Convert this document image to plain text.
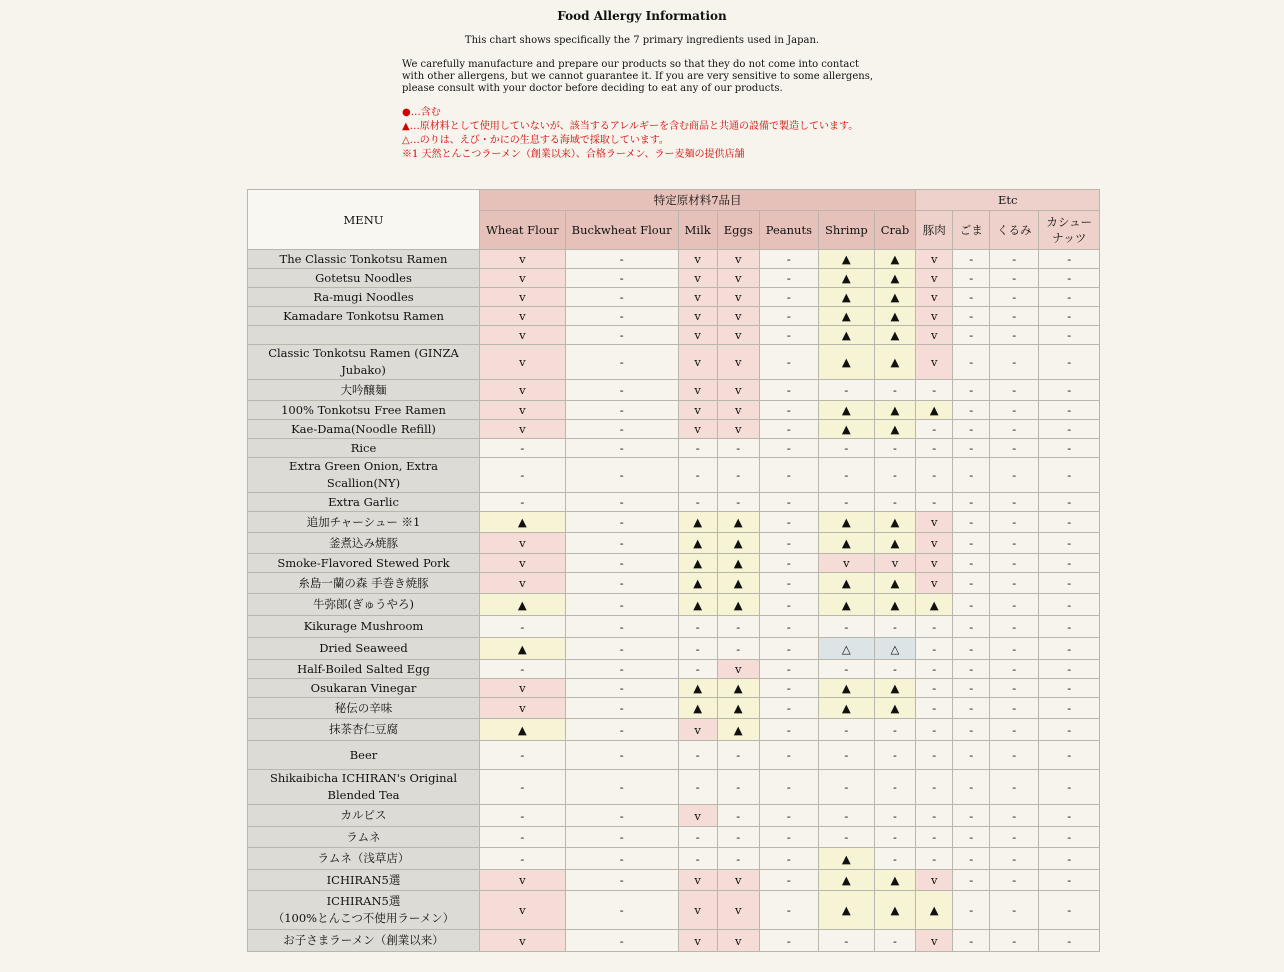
Food Allergy Information
This chart shows specifically the 7 primary ingredients used in Japan.
We carefully manufacture and prepare our products so that they do not come into contact with other allergens, but we cannot guarantee it. If you are very sensitive to some allergens, please consult with your doctor before deciding to eat any of our products.
●…含む
▲…原材料として使用していないが、該当するアレルギーを含む商品と共通の設備で製造しています。
△…のりは、えび・かにの生息する海域で採取しています。
※1 天然とんこつラーメン（創業以来）、合格ラーメン、ラー麦麺の提供店舗
MENU	特定原材料7品目							Etc			
	Wheat Flour	Buckwheat Flour	Milk	Eggs	Peanuts	Shrimp	Crab	豚肉	ごま	くるみ	カシュー
ナッツ
The Classic Tonkotsu Ramen	v	-	v	v	-	▲	▲	v	-	-	-
Gotetsu Noodles	v	-	v	v	-	▲	▲	v	-	-	-
Ra-mugi Noodles	v	-	v	v	-	▲	▲	v	-	-	-
Kamadare Tonkotsu Ramen	v	-	v	v	-	▲	▲	v	-	-	-
	v	-	v	v	-	▲	▲	v	-	-	-
Classic Tonkotsu Ramen (GINZA Jubako)	v	-	v	v	-	▲	▲	v	-	-	-
大吟醸麺	v	-	v	v	-	-	-	-	-	-	-
100% Tonkotsu Free Ramen	v	-	v	v	-	▲	▲	▲	-	-	-
Kae-Dama(Noodle Refill)	v	-	v	v	-	▲	▲	-	-	-	-
Rice	-	-	-	-	-	-	-	-	-	-	-
Extra Green Onion, Extra Scallion(NY)	-	-	-	-	-	-	-	-	-	-	-
Extra Garlic	-	-	-	-	-	-	-	-	-	-	-
追加チャーシュー ※1	▲	-	▲	▲	-	▲	▲	v	-	-	-
釜煮込み焼豚	v	-	▲	▲	-	▲	▲	v	-	-	-
Smoke-Flavored Stewed Pork	v	-	▲	▲	-	v	v	v	-	-	-
糸島一蘭の森 手巻き焼豚	v	-	▲	▲	-	▲	▲	v	-	-	-
牛弥郎(ぎゅうやろ)	▲	-	▲	▲	-	▲	▲	▲	-	-	-
Kikurage Mushroom	-	-	-	-	-	-	-	-	-	-	-
Dried Seaweed	▲	-	-	-	-	△	△	-	-	-	-
Half-Boiled Salted Egg	-	-	-	v	-	-	-	-	-	-	-
Osukaran Vinegar	v	-	▲	▲	-	▲	▲	-	-	-	-
秘伝の辛味	v	-	▲	▲	-	▲	▲	-	-	-	-
抹茶杏仁豆腐	▲	-	v	▲	-	-	-	-	-	-	-
Beer	-	-	-	-	-	-	-	-	-	-	-
Shikaibicha ICHIRAN's Original Blended Tea	-	-	-	-	-	-	-	-	-	-	-
カルピス	-	-	v	-	-	-	-	-	-	-	-
ラムネ	-	-	-	-	-	-	-	-	-	-	-
ラムネ（浅草店）	-	-	-	-	-	▲	-	-	-	-	-
ICHIRAN5選	v	-	v	v	-	▲	▲	v	-	-	-
ICHIRAN5選
（100%とんこつ不使用ラーメン）	v	-	v	v	-	▲	▲	▲	-	-	-
お子さまラーメン（創業以来）	v	-	v	v	-	-	-	v	-	-	-
